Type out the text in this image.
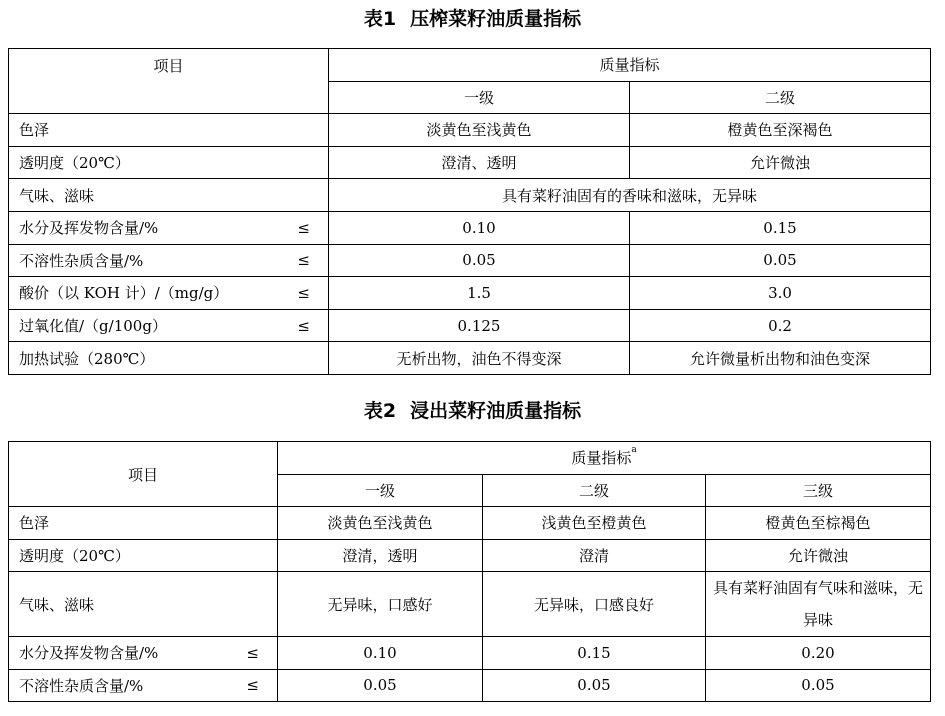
表1 压榨菜籽油质量指标
项目	质量指标	
	一级	二级
色泽	淡黄色至浅黄色	橙黄色至深褐色
透明度（20℃）	澄清、透明	允许微浊
气味、滋味	具有菜籽油固有的香味和滋味，无异味	
水分及挥发物含量/% ≤	0.10	0.15
不溶性杂质含量/% ≤	0.05	0.05
酸价（以 KOH 计）/（mg/g） ≤	1.5	3.0
过氧化值/（g/100g） ≤	0.125	0.2
加热试验（280℃）	无析出物，油色不得变深	允许微量析出物和油色变深
表2 浸出菜籽油质量指标
项目	质量指标$^a$
	一级	二级	三级
色泽	淡黄色至浅黄色	浅黄色至橙黄色	橙黄色至棕褐色
透明度（20℃）	澄清，透明	澄清	允许微浊
气味、滋味	无异味，口感好	无异味，口感良好	具有菜籽油固有气味和滋味，无异味
水分及挥发物含量/% ≤	0.10	0.15	0.20
不溶性杂质含量/% ≤	0.05	0.05	0.05
